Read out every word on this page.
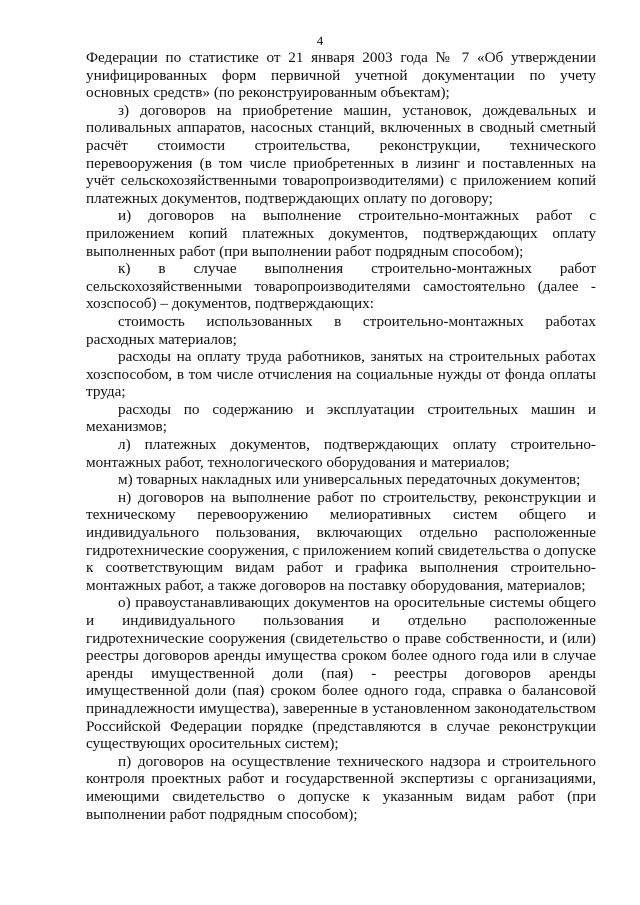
4

Федерации по статистике от 21 января 2003 года № 7 «Об утверждении унифицированных форм первичной учетной документации по учету основных средств» (по реконструированным объектам);

з) договоров на приобретение машин, установок, дождевальных и поливальных аппаратов, насосных станций, включенных в сводный сметный расчёт стоимости строительства, реконструкции, технического перевооружения (в том числе приобретенных в лизинг и поставленных на учёт сельскохозяйственными товаропроизводителями) с приложением копий платежных документов, подтверждающих оплату по договору;

и) договоров на выполнение строительно-монтажных работ с приложением копий платежных документов, подтверждающих оплату выполненных работ (при выполнении работ подрядным способом);

к) в случае выполнения строительно-монтажных работ сельскохозяйственными товаропроизводителями самостоятельно (далее - хозспособ) – документов, подтверждающих:

стоимость использованных в строительно-монтажных работах расходных материалов;

расходы на оплату труда работников, занятых на строительных работах хозспособом, в том числе отчисления на социальные нужды от фонда оплаты труда;

расходы по содержанию и эксплуатации строительных машин и механизмов;

л) платежных документов, подтверждающих оплату строительно-монтажных работ, технологического оборудования и материалов;

м) товарных накладных или универсальных передаточных документов;

н) договоров на выполнение работ по строительству, реконструкции и техническому перевооружению мелиоративных систем общего и индивидуального пользования, включающих отдельно расположенные гидротехнические сооружения, с приложением копий свидетельства о допуске к соответствующим видам работ и графика выполнения строительно-монтажных работ, а также договоров на поставку оборудования, материалов;

о) правоустанавливающих документов на оросительные системы общего и индивидуального пользования и отдельно расположенные гидротехнические сооружения (свидетельство о праве собственности, и (или) реестры договоров аренды имущества сроком более одного года или в случае аренды имущественной доли (пая) - реестры договоров аренды имущественной доли (пая) сроком более одного года, справка о балансовой принадлежности имущества), заверенные в установленном законодательством Российской Федерации порядке (представляются в случае реконструкции существующих оросительных систем);

п) договоров на осуществление технического надзора и строительного контроля проектных работ и государственной экспертизы с организациями, имеющими свидетельство о допуске к указанным видам работ (при выполнении работ подрядным способом);
